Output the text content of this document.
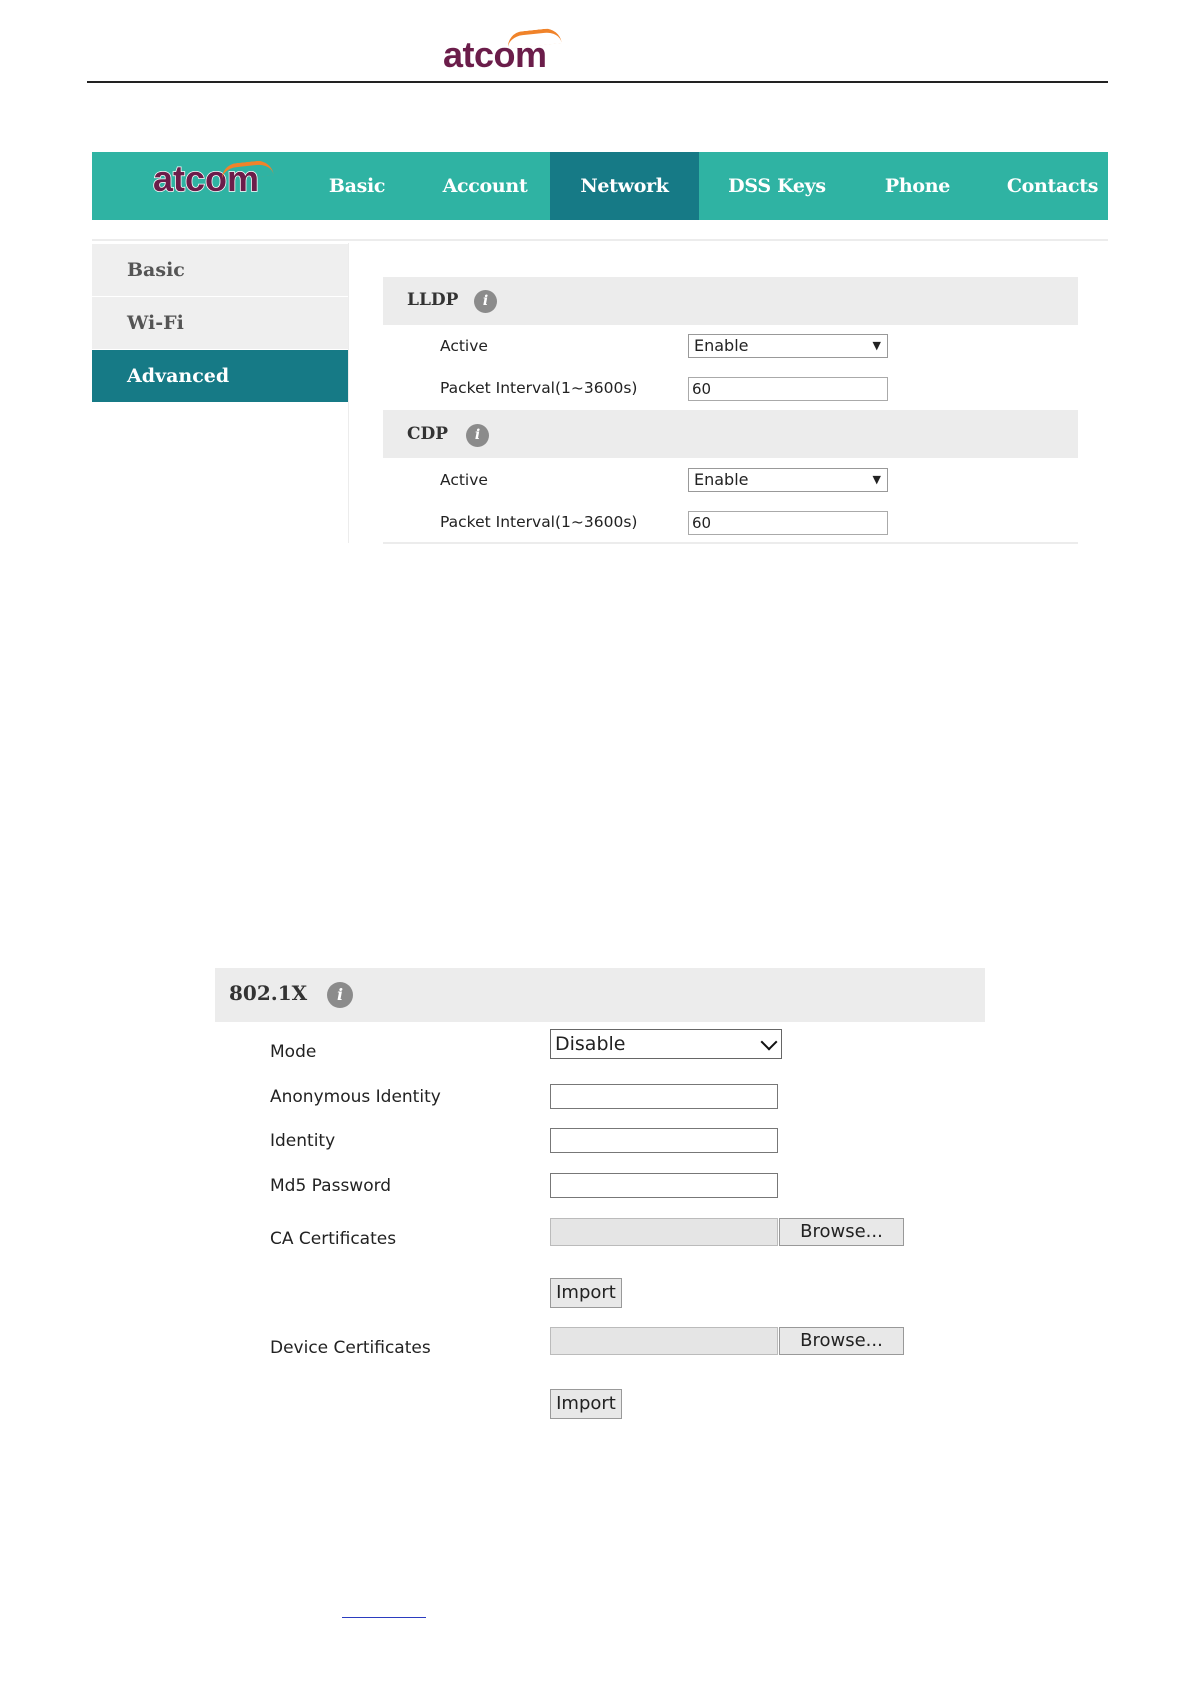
atcom
atcom	Basic	Account	Network	DSS Keys	Phone	Contacts
Basic
Wi-Fi
Advanced
LLDP	i
Active	Enable	▼
Packet Interval(1~3600s)	60
CDP	i
Active	Enable	▼
Packet Interval(1~3600s)	60
802.1X	i
Mode	Disable
Anonymous Identity
Identity
Md5 Password
CA Certificates	Browse...
Import
Device Certificates	Browse...
Import
